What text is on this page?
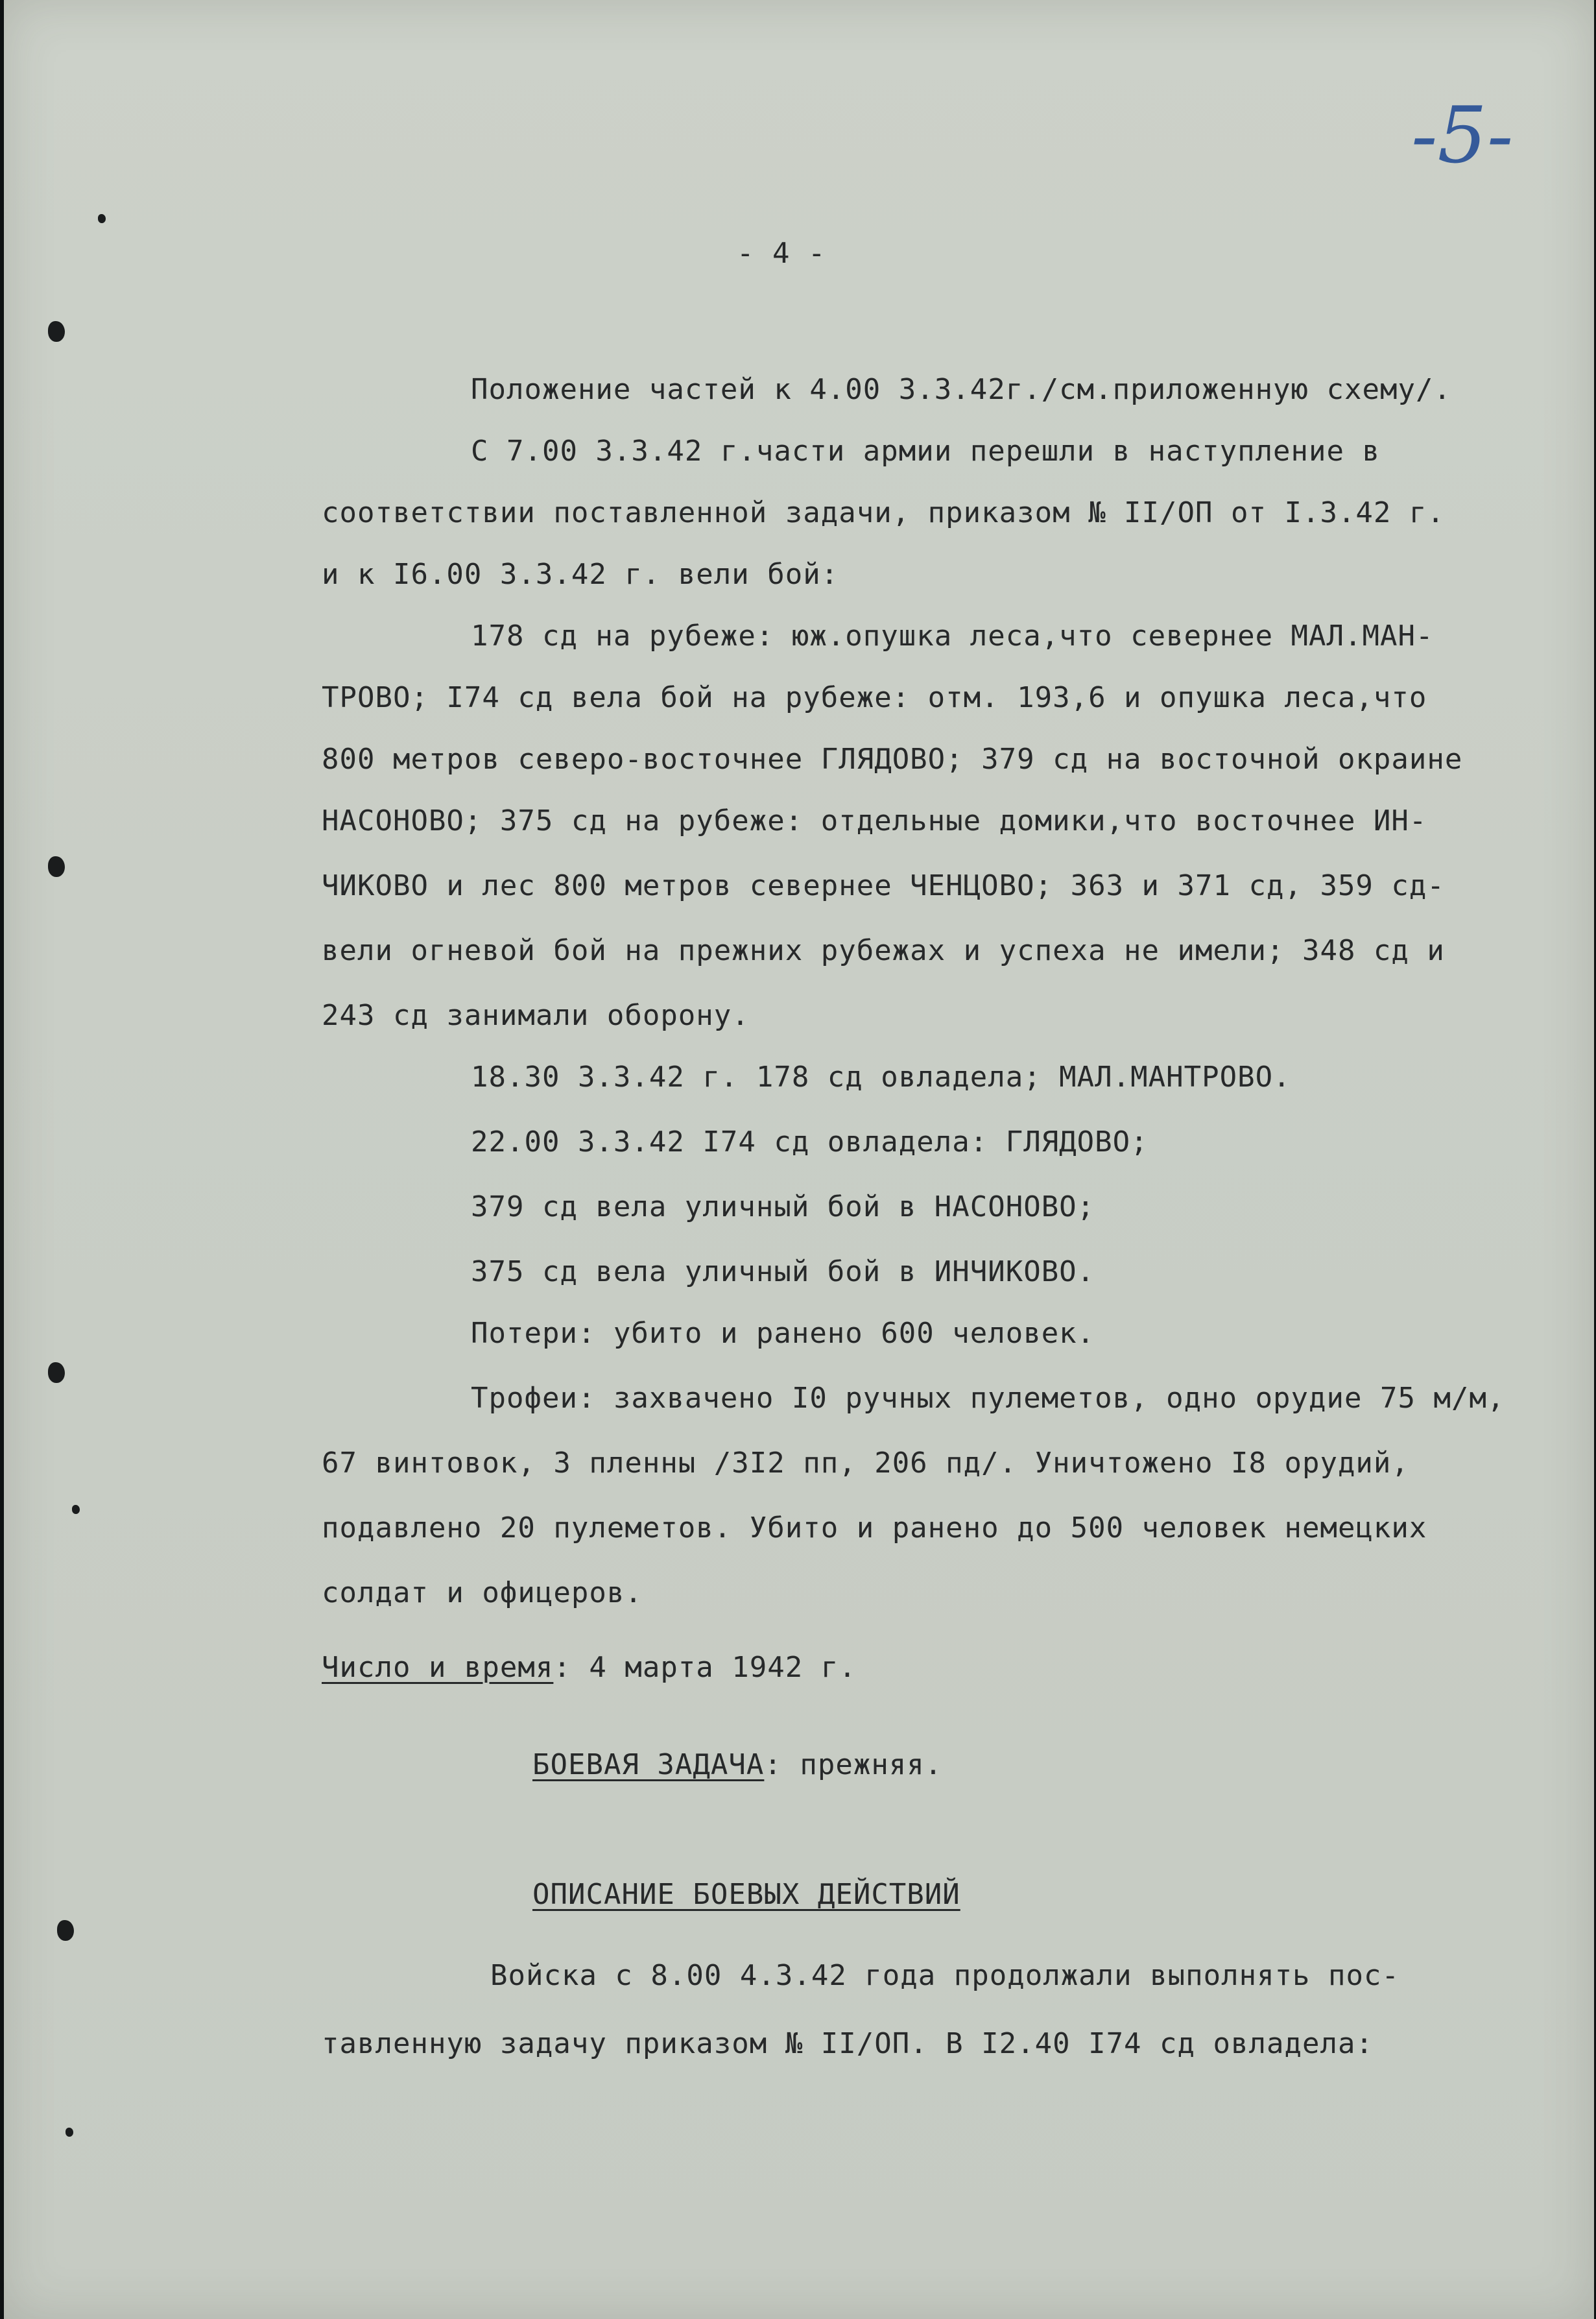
-5-
- 4 -
Положение частей к 4.00 3.3.42г./см.приложенную схему/.
С 7.00 3.3.42 г.части армии перешли в наступление в
соответствии поставленной задачи, приказом № II/ОП от I.3.42 г.
и к I6.00 3.3.42 г. вели бой:
178 сд на рубеже: юж.опушка леса,что севернее МАЛ.МАН-
ТРОВО; I74 сд вела бой на рубеже: отм. 193,6 и опушка леса,что
800 метров северо-восточнее ГЛЯДОВО; 379 сд на восточной окраине
НАСОНОВО; 375 сд на рубеже: отдельные домики,что восточнее ИН-
ЧИКОВО и лес 800 метров севернее ЧЕНЦОВО; 363 и 371 сд, 359 сд-
вели огневой бой на прежних рубежах и успеха не имели; 348 сд и
243 сд занимали оборону.
18.30 3.3.42 г. 178 сд овладела; МАЛ.МАНТРОВО.
22.00 3.3.42 I74 сд овладела: ГЛЯДОВО;
379 сд вела уличный бой в НАСОНОВО;
375 сд вела уличный бой в ИНЧИКОВО.
Потери: убито и ранено 600 человек.
Трофеи: захвачено I0 ручных пулеметов, одно орудие 75 м/м,
67 винтовок, 3 пленны /3I2 пп, 206 пд/. Уничтожено I8 орудий,
подавлено 20 пулеметов. Убито и ранено до 500 человек немецких
солдат и офицеров.
Число и время: 4 марта 1942 г.
БОЕВАЯ ЗАДАЧА: прежняя.
ОПИСАНИЕ БОЕВЫХ ДЕЙСТВИЙ
Войска с 8.00 4.3.42 года продолжали выполнять пос-
тавленную задачу приказом № II/ОП. В I2.40 I74 сд овладела:
